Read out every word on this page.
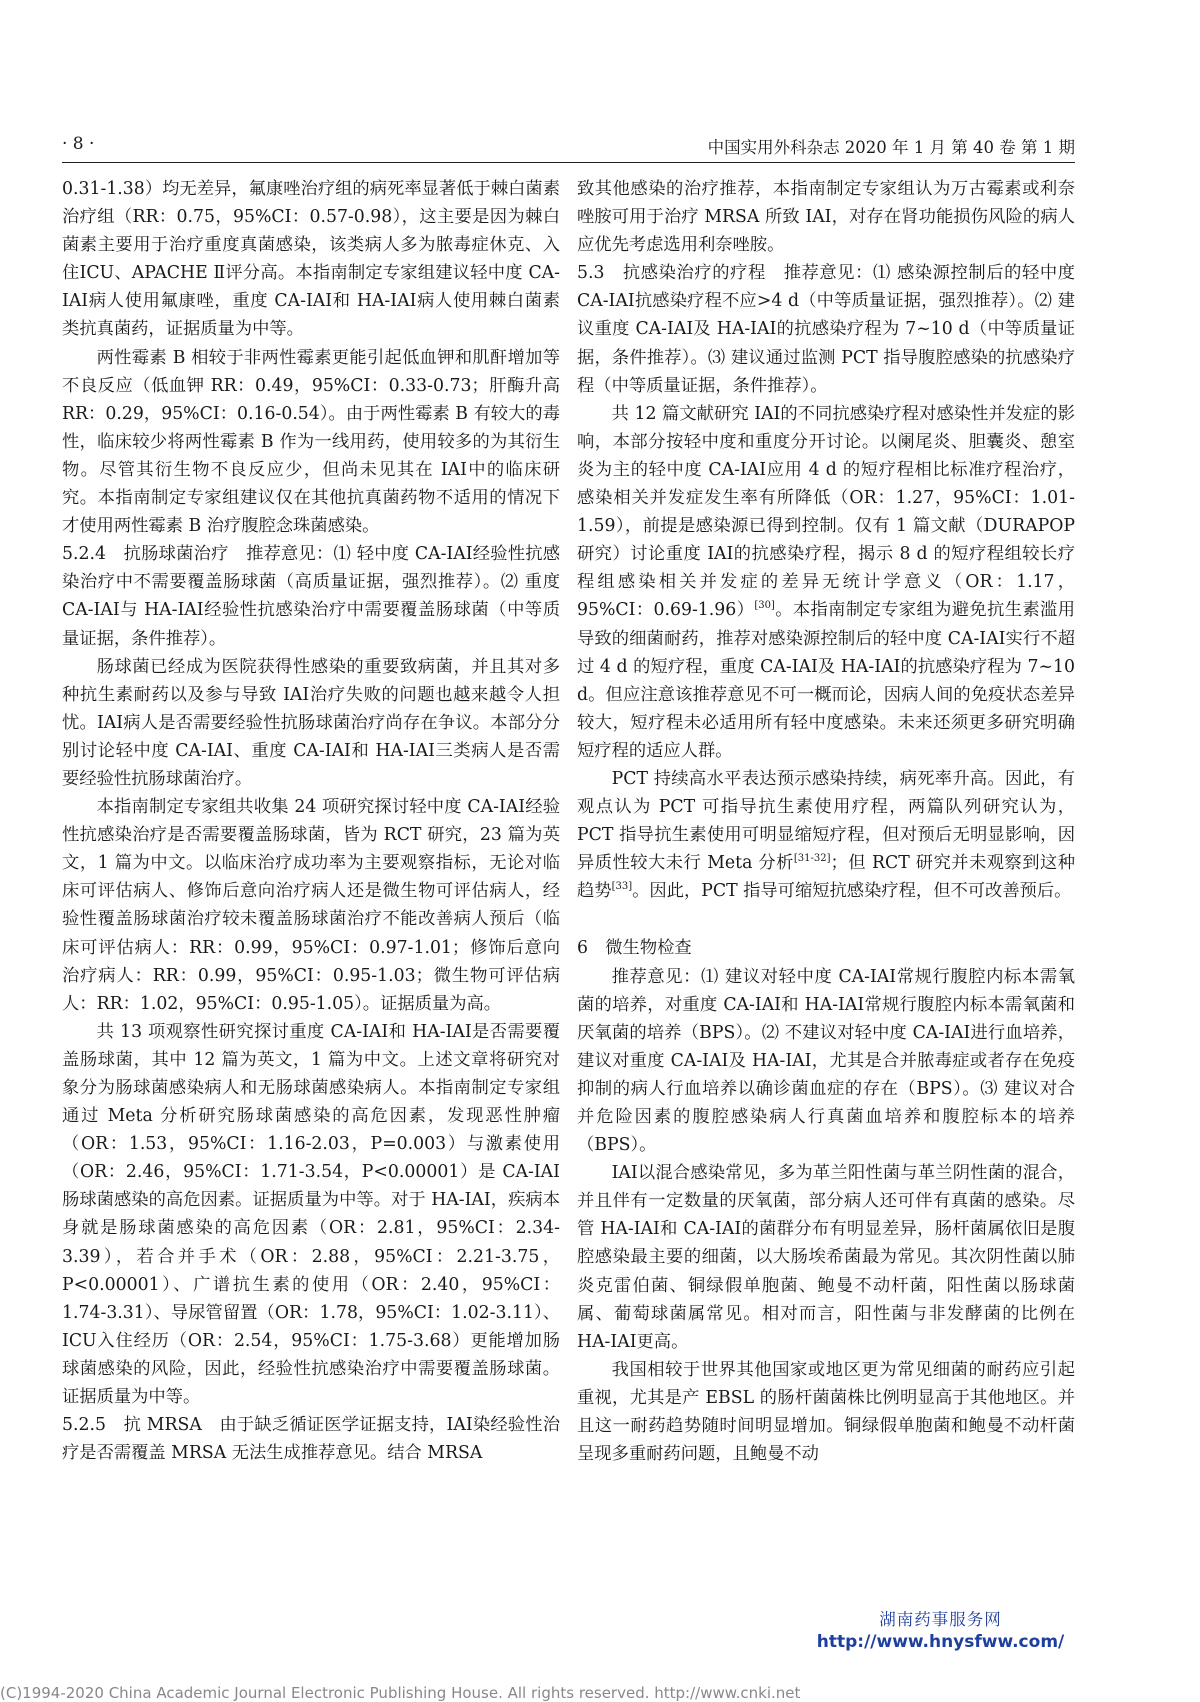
· 8 ·	中国实用外科杂志 2020 年 1 月 第 40 卷 第 1 期

0.31-1.38）均无差异，氟康唑治疗组的病死率显著低于棘白菌素治疗组（RR：0.75，95%CI：0.57-0.98），这主要是因为棘白菌素主要用于治疗重度真菌感染，该类病人多为脓毒症休克、入住ICU、APACHE Ⅱ评分高。本指南制定专家组建议轻中度 CA-IAI病人使用氟康唑，重度 CA-IAI和 HA-IAI病人使用棘白菌素类抗真菌药，证据质量为中等。

两性霉素 B 相较于非两性霉素更能引起低血钾和肌酐增加等不良反应（低血钾 RR：0.49，95%CI：0.33-0.73；肝酶升高 RR：0.29，95%CI：0.16-0.54）。由于两性霉素 B 有较大的毒性，临床较少将两性霉素 B 作为一线用药，使用较多的为其衍生物。尽管其衍生物不良反应少，但尚未见其在 IAI中的临床研究。本指南制定专家组建议仅在其他抗真菌药物不适用的情况下才使用两性霉素 B 治疗腹腔念珠菌感染。

5.2.4　抗肠球菌治疗　推荐意见：⑴ 轻中度 CA-IAI经验性抗感染治疗中不需要覆盖肠球菌（高质量证据，强烈推荐）。⑵ 重度 CA-IAI与 HA-IAI经验性抗感染治疗中需要覆盖肠球菌（中等质量证据，条件推荐）。

肠球菌已经成为医院获得性感染的重要致病菌，并且其对多种抗生素耐药以及参与导致 IAI治疗失败的问题也越来越令人担忧。IAI病人是否需要经验性抗肠球菌治疗尚存在争议。本部分分别讨论轻中度 CA-IAI、重度 CA-IAI和 HA-IAI三类病人是否需要经验性抗肠球菌治疗。

本指南制定专家组共收集 24 项研究探讨轻中度 CA-IAI经验性抗感染治疗是否需要覆盖肠球菌，皆为 RCT 研究，23 篇为英文，1 篇为中文。以临床治疗成功率为主要观察指标，无论对临床可评估病人、修饰后意向治疗病人还是微生物可评估病人，经验性覆盖肠球菌治疗较未覆盖肠球菌治疗不能改善病人预后（临床可评估病人：RR：0.99，95%CI：0.97-1.01；修饰后意向治疗病人：RR：0.99，95%CI：0.95-1.03；微生物可评估病人：RR：1.02，95%CI：0.95-1.05）。证据质量为高。

共 13 项观察性研究探讨重度 CA-IAI和 HA-IAI是否需要覆盖肠球菌，其中 12 篇为英文，1 篇为中文。上述文章将研究对象分为肠球菌感染病人和无肠球菌感染病人。本指南制定专家组通过 Meta 分析研究肠球菌感染的高危因素，发现恶性肿瘤（OR：1.53，95%CI：1.16-2.03，P=0.003）与激素使用（OR：2.46，95%CI：1.71-3.54，P<0.00001）是 CA-IAI肠球菌感染的高危因素。证据质量为中等。对于 HA-IAI，疾病本身就是肠球菌感染的高危因素（OR：2.81，95%CI：2.34-3.39），若合并手术（OR：2.88，95%CI：2.21-3.75，P<0.00001）、广谱抗生素的使用（OR：2.40，95%CI：1.74-3.31）、导尿管留置（OR：1.78，95%CI：1.02-3.11）、ICU入住经历（OR：2.54，95%CI：1.75-3.68）更能增加肠球菌感染的风险，因此，经验性抗感染治疗中需要覆盖肠球菌。证据质量为中等。

5.2.5　抗 MRSA　由于缺乏循证医学证据支持，IAI染经验性治疗是否需覆盖 MRSA 无法生成推荐意见。结合 MRSA

致其他感染的治疗推荐，本指南制定专家组认为万古霉素或利奈唑胺可用于治疗 MRSA 所致 IAI，对存在肾功能损伤风险的病人应优先考虑选用利奈唑胺。

5.3　抗感染治疗的疗程　推荐意见：⑴ 感染源控制后的轻中度 CA-IAI抗感染疗程不应>4 d（中等质量证据，强烈推荐）。⑵ 建议重度 CA-IAI及 HA-IAI的抗感染疗程为 7~10 d（中等质量证据，条件推荐）。⑶ 建议通过监测 PCT 指导腹腔感染的抗感染疗程（中等质量证据，条件推荐）。

共 12 篇文献研究 IAI的不同抗感染疗程对感染性并发症的影响，本部分按轻中度和重度分开讨论。以阑尾炎、胆囊炎、憩室炎为主的轻中度 CA-IAI应用 4 d 的短疗程相比标准疗程治疗，感染相关并发症发生率有所降低（OR：1.27，95%CI：1.01-1.59），前提是感染源已得到控制。仅有 1 篇文献（DURAPOP 研究）讨论重度 IAI的抗感染疗程，揭示 8 d 的短疗程组较长疗程组感染相关并发症的差异无统计学意义（OR：1.17，95%CI：0.69-1.96）[30]。本指南制定专家组为避免抗生素滥用导致的细菌耐药，推荐对感染源控制后的轻中度 CA-IAI实行不超过 4 d 的短疗程，重度 CA-IAI及 HA-IAI的抗感染疗程为 7~10 d。但应注意该推荐意见不可一概而论，因病人间的免疫状态差异较大，短疗程未必适用所有轻中度感染。未来还须更多研究明确短疗程的适应人群。

PCT 持续高水平表达预示感染持续，病死率升高。因此，有观点认为 PCT 可指导抗生素使用疗程，两篇队列研究认为，PCT 指导抗生素使用可明显缩短疗程，但对预后无明显影响，因异质性较大未行 Meta 分析[31-32]；但 RCT 研究并未观察到这种趋势[33]。因此，PCT 指导可缩短抗感染疗程，但不可改善预后。

6　微生物检查

推荐意见：⑴ 建议对轻中度 CA-IAI常规行腹腔内标本需氧菌的培养，对重度 CA-IAI和 HA-IAI常规行腹腔内标本需氧菌和厌氧菌的培养（BPS）。⑵ 不建议对轻中度 CA-IAI进行血培养，建议对重度 CA-IAI及 HA-IAI，尤其是合并脓毒症或者存在免疫抑制的病人行血培养以确诊菌血症的存在（BPS）。⑶ 建议对合并危险因素的腹腔感染病人行真菌血培养和腹腔标本的培养（BPS）。

IAI以混合感染常见，多为革兰阳性菌与革兰阴性菌的混合，并且伴有一定数量的厌氧菌，部分病人还可伴有真菌的感染。尽管 HA-IAI和 CA-IAI的菌群分布有明显差异，肠杆菌属依旧是腹腔感染最主要的细菌，以大肠埃希菌最为常见。其次阴性菌以肺炎克雷伯菌、铜绿假单胞菌、鲍曼不动杆菌，阳性菌以肠球菌属、葡萄球菌属常见。相对而言，阳性菌与非发酵菌的比例在 HA-IAI更高。

我国相较于世界其他国家或地区更为常见细菌的耐药应引起重视，尤其是产 EBSL 的肠杆菌菌株比例明显高于其他地区。并且这一耐药趋势随时间明显增加。铜绿假单胞菌和鲍曼不动杆菌呈现多重耐药问题，且鲍曼不动

湖南药事服务网
http://www.hnysfww.com/
(C)1994-2020 China Academic Journal Electronic Publishing House. All rights reserved. http://www.cnki.net
